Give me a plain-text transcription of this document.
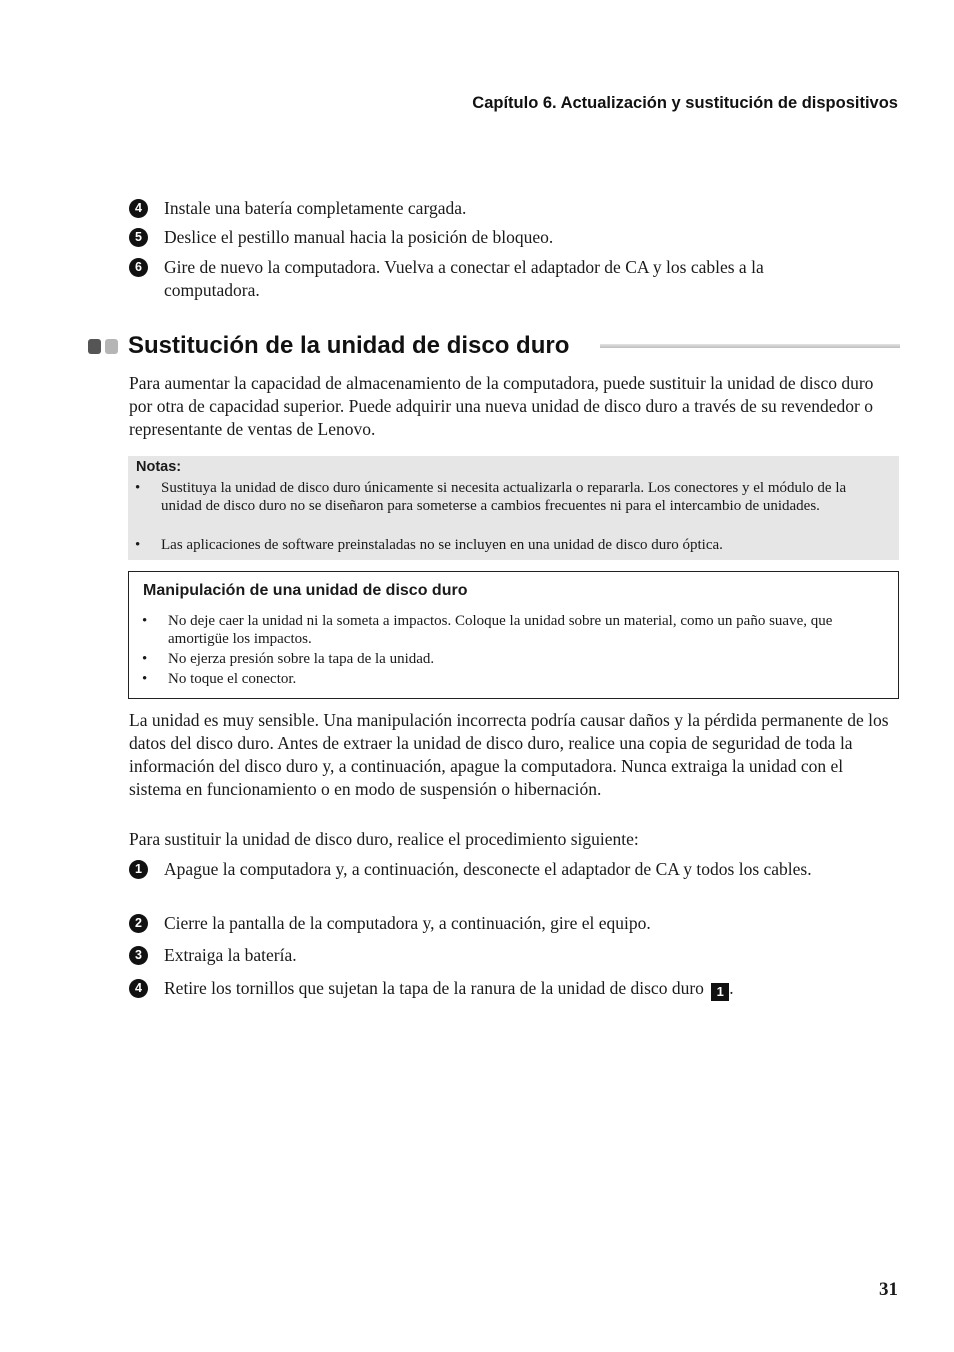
Capítulo 6. Actualización y sustitución de dispositivos
4	Instale una batería completamente cargada.
5	Deslice el pestillo manual hacia la posición de bloqueo.
6	Gire de nuevo la computadora. Vuelva a conectar el adaptador de CA y los cables a la computadora.
Sustitución de la unidad de disco duro

Para aumentar la capacidad de almacenamiento de la computadora, puede sustituir la unidad de disco duro por otra de capacidad superior. Puede adquirir una nueva unidad de disco duro a través de su revendedor o representante de ventas de Lenovo.

Notas:
• Sustituya la unidad de disco duro únicamente si necesita actualizarla o repararla. Los conectores y el módulo de la unidad de disco duro no se diseñaron para someterse a cambios frecuentes ni para el intercambio de unidades.
• Las aplicaciones de software preinstaladas no se incluyen en una unidad de disco duro óptica.
Manipulación de una unidad de disco duro
• No deje caer la unidad ni la someta a impactos. Coloque la unidad sobre un material, como un paño suave, que amortigüe los impactos.
• No ejerza presión sobre la tapa de la unidad.
• No toque el conector.

La unidad es muy sensible. Una manipulación incorrecta podría causar daños y la pérdida permanente de los datos del disco duro. Antes de extraer la unidad de disco duro, realice una copia de seguridad de toda la información del disco duro y, a continuación, apague la computadora. Nunca extraiga la unidad con el sistema en funcionamiento o en modo de suspensión o hibernación.

Para sustituir la unidad de disco duro, realice el procedimiento siguiente:

1	Apague la computadora y, a continuación, desconecte el adaptador de CA y todos los cables.
2	Cierre la pantalla de la computadora y, a continuación, gire el equipo.
3	Extraiga la batería.
4	Retire los tornillos que sujetan la tapa de la ranura de la unidad de disco duro 1 .
31
